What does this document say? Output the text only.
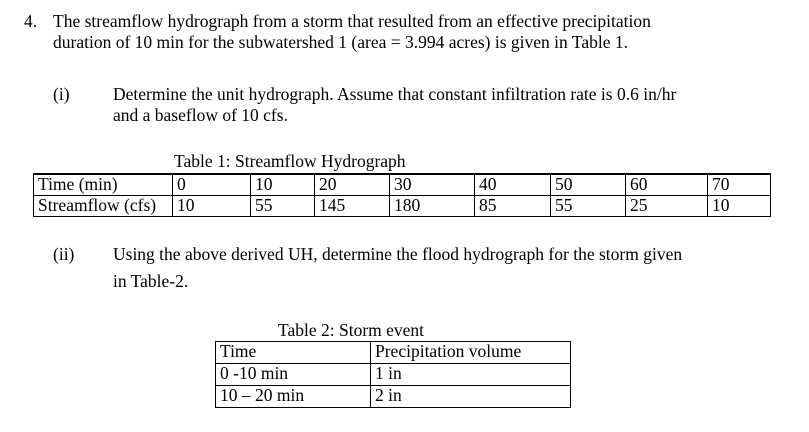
4. The streamflow hydrograph from a storm that resulted from an effective precipitation
duration of 10 min for the subwatershed 1 (area = 3.994 acres) is given in Table 1.
(i) Determine the unit hydrograph. Assume that constant infiltration rate is 0.6 in/hr
and a baseflow of 10 cfs.
Table 1: Streamflow Hydrograph
Time (min)	0	10	20	30	40	50	60	70
Streamflow (cfs)	10	55	145	180	85	55	25	10
(ii) Using the above derived UH, determine the flood hydrograph for the storm given
in Table-2.
Table 2: Storm event
Time	Precipitation volume
0 -10 min	1 in
10 – 20 min	2 in
